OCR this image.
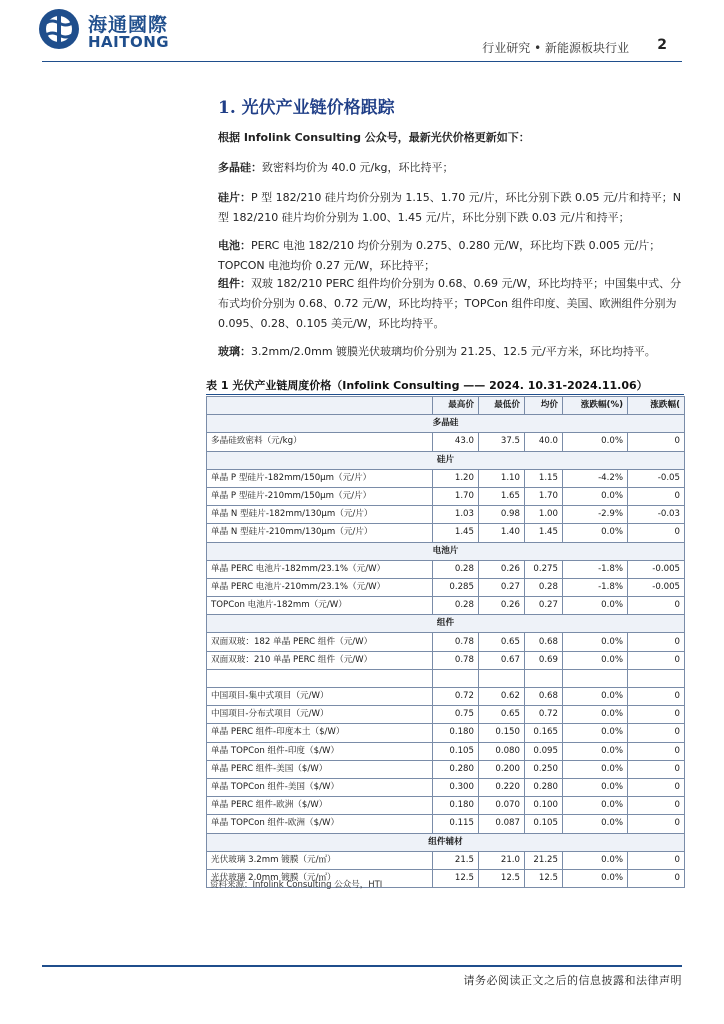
海通國際
HAITONG	行业研究 • 新能源板块行业 2
1. 光伏产业链价格跟踪
根据 Infolink Consulting 公众号，最新光伏价格更新如下：
多晶硅：致密料均价为 40.0 元/kg，环比持平；
硅片：P 型 182/210 硅片均价分别为 1.15、1.70 元/片，环比分别下跌 0.05 元/片和持平；N 型 182/210 硅片均价分别为 1.00、1.45 元/片，环比分别下跌 0.03 元/片和持平；
电池：PERC 电池 182/210 均价分别为 0.275、0.280 元/W，环比均下跌 0.005 元/片；TOPCON 电池均价 0.27 元/W，环比持平；
组件：双玻 182/210 PERC 组件均价分别为 0.68、0.69 元/W，环比均持平；中国集中式、分布式均价分别为 0.68、0.72 元/W，环比均持平；TOPCon 组件印度、美国、欧洲组件分别为 0.095、0.28、0.105 美元/W，环比均持平。
玻璃：3.2mm/2.0mm 镀膜光伏玻璃均价分别为 21.25、12.5 元/平方米，环比均持平。
表 1 光伏产业链周度价格（Infolink Consulting —— 2024. 10.31-2024.11.06）
	最高价	最低价	均价	涨跌幅(%)	涨跌幅(
多晶硅					
多晶硅致密料（元/kg）	43.0	37.5	40.0	0.0%	0
硅片					
单晶 P 型硅片-182mm/150μm（元/片）	1.20	1.10	1.15	-4.2%	-0.05
单晶 P 型硅片-210mm/150μm（元/片）	1.70	1.65	1.70	0.0%	0
单晶 N 型硅片-182mm/130μm（元/片）	1.03	0.98	1.00	-2.9%	-0.03
单晶 N 型硅片-210mm/130μm（元/片）	1.45	1.40	1.45	0.0%	0
电池片					
单晶 PERC 电池片-182mm/23.1%（元/W）	0.28	0.26	0.275	-1.8%	-0.005
单晶 PERC 电池片-210mm/23.1%（元/W）	0.285	0.27	0.28	-1.8%	-0.005
TOPCon 电池片-182mm（元/W）	0.28	0.26	0.27	0.0%	0
组件					
双面双玻：182 单晶 PERC 组件（元/W）	0.78	0.65	0.68	0.0%	0
双面双玻：210 单晶 PERC 组件（元/W）	0.78	0.67	0.69	0.0%	0

中国项目-集中式项目（元/W）	0.72	0.62	0.68	0.0%	0
中国项目-分布式项目（元/W）	0.75	0.65	0.72	0.0%	0
单晶 PERC 组件-印度本土（$/W）	0.180	0.150	0.165	0.0%	0
单晶 TOPCon 组件-印度（$/W）	0.105	0.080	0.095	0.0%	0
单晶 PERC 组件-美国（$/W）	0.280	0.200	0.250	0.0%	0
单晶 TOPCon 组件-美国（$/W）	0.300	0.220	0.280	0.0%	0
单晶 PERC 组件-欧洲（$/W）	0.180	0.070	0.100	0.0%	0
单晶 TOPCon 组件-欧洲（$/W）	0.115	0.087	0.105	0.0%	0
组件辅材					
光伏玻璃 3.2mm 镀膜（元/㎡）	21.5	21.0	21.25	0.0%	0
光伏玻璃 2.0mm 镀膜（元/㎡）	12.5	12.5	12.5	0.0%	0
资料来源：Infolink Consulting 公众号，HTI
请务必阅读正文之后的信息披露和法律声明
